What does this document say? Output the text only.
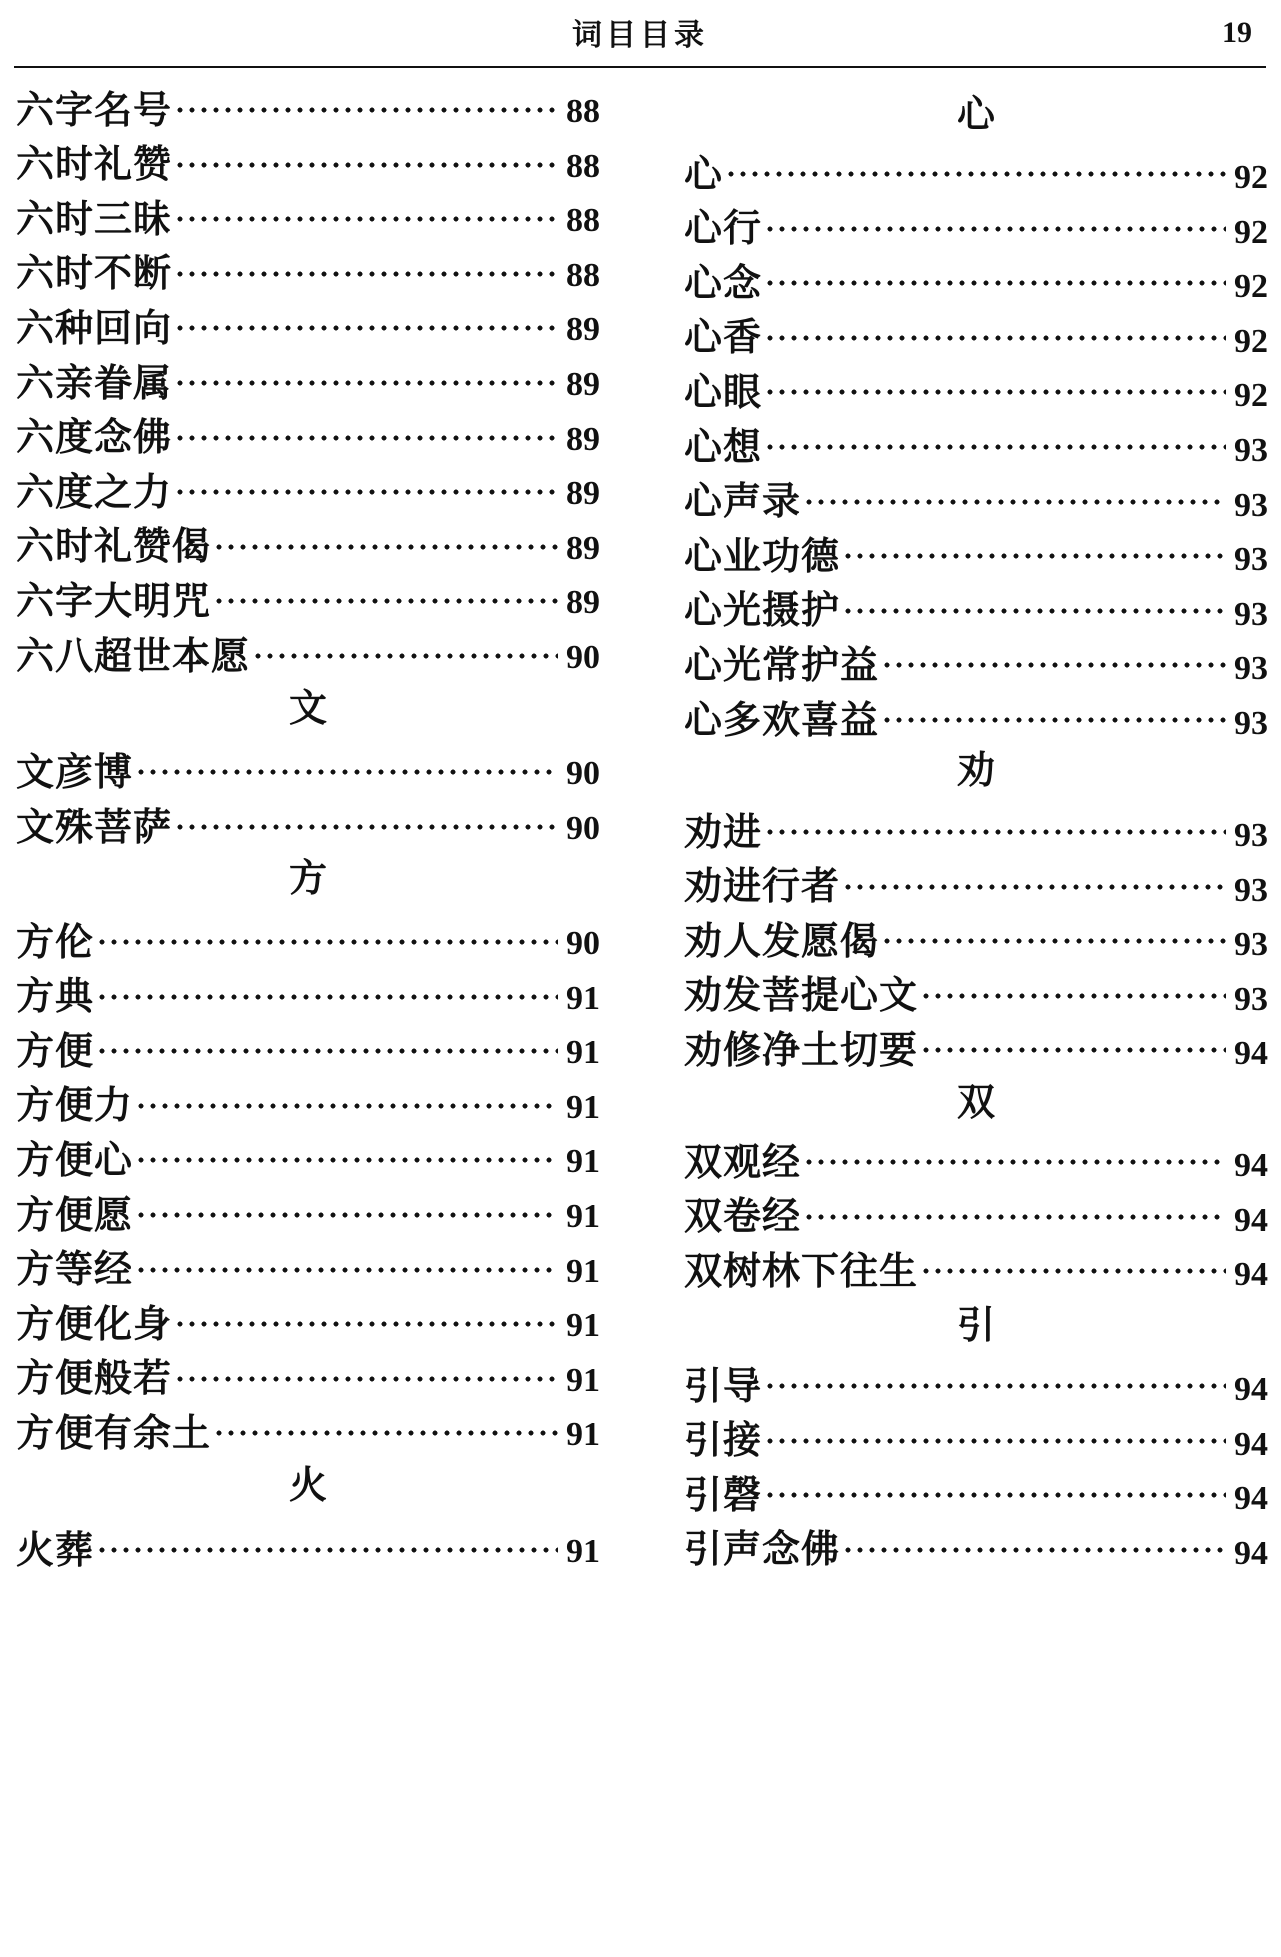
词目目录	19
六字名号	88
六时礼赞	88
六时三昧	88
六时不断	88
六种回向	89
六亲眷属	89
六度念佛	89
六度之力	89
六时礼赞偈	89
六字大明咒	89
六八超世本愿	90
文
文彦博	90
文殊菩萨	90
方
方伦	90
方典	91
方便	91
方便力	91
方便心	91
方便愿	91
方等经	91
方便化身	91
方便般若	91
方便有余土	91
火
火葬	91
心
心	92
心行	92
心念	92
心香	92
心眼	92
心想	93
心声录	93
心业功德	93
心光摄护	93
心光常护益	93
心多欢喜益	93
劝
劝进	93
劝进行者	93
劝人发愿偈	93
劝发菩提心文	93
劝修净土切要	94
双
双观经	94
双卷经	94
双树林下往生	94
引
引导	94
引接	94
引磬	94
引声念佛	94
